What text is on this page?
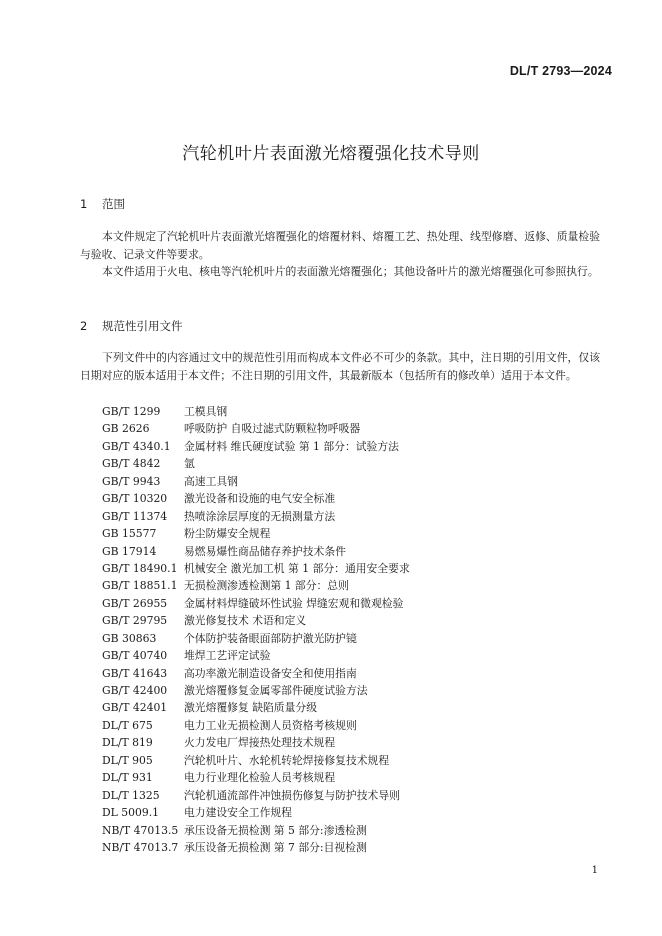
DL/T 2793—2024
汽轮机叶片表面激光熔覆强化技术导则
1 范围
本文件规定了汽轮机叶片表面激光熔覆强化的熔覆材料、熔覆工艺、热处理、线型修磨、返修、质量检验与验收、记录文件等要求。
本文件适用于火电、核电等汽轮机叶片的表面激光熔覆强化；其他设备叶片的激光熔覆强化可参照执行。
2 规范性引用文件
下列文件中的内容通过文中的规范性引用而构成本文件必不可少的条款。其中，注日期的引用文件，仅该日期对应的版本适用于本文件；不注日期的引用文件，其最新版本（包括所有的修改单）适用于本文件。
GB/T 1299 工模具钢
GB 2626	呼吸防护 自吸过滤式防颗粒物呼吸器
GB/T 4340.1 金属材料 维氏硬度试验 第 1 部分：试验方法
GB/T 4842 氩
GB/T 9943 高速工具钢
GB/T 10320 激光设备和设施的电气安全标准
GB/T 11374 热喷涂涂层厚度的无损测量方法
GB 15577	粉尘防爆安全规程
GB 17914	易燃易爆性商品储存养护技术条件
GB/T 18490.1 机械安全 激光加工机 第 1 部分：通用安全要求
GB/T 18851.1 无损检测渗透检测第 1 部分：总则
GB/T 26955 金属材料焊缝破坏性试验 焊缝宏观和微观检验
GB/T 29795 激光修复技术 术语和定义
GB 30863	个体防护装备眼面部防护激光防护镜
GB/T 40740 堆焊工艺评定试验
GB/T 41643 高功率激光制造设备安全和使用指南
GB/T 42400 激光熔覆修复金属零部件硬度试验方法
GB/T 42401 激光熔覆修复 缺陷质量分级
DL/T 675	电力工业无损检测人员资格考核规则
DL/T 819	火力发电厂焊接热处理技术规程
DL/T 905	汽轮机叶片、水轮机转轮焊接修复技术规程
DL/T 931	电力行业理化检验人员考核规程
DL/T 1325 汽轮机通流部件冲蚀损伤修复与防护技术导则
DL 5009.1 电力建设安全工作规程
NB/T 47013.5 承压设备无损检测 第 5 部分:渗透检测
NB/T 47013.7 承压设备无损检测 第 7 部分:目视检测
1
